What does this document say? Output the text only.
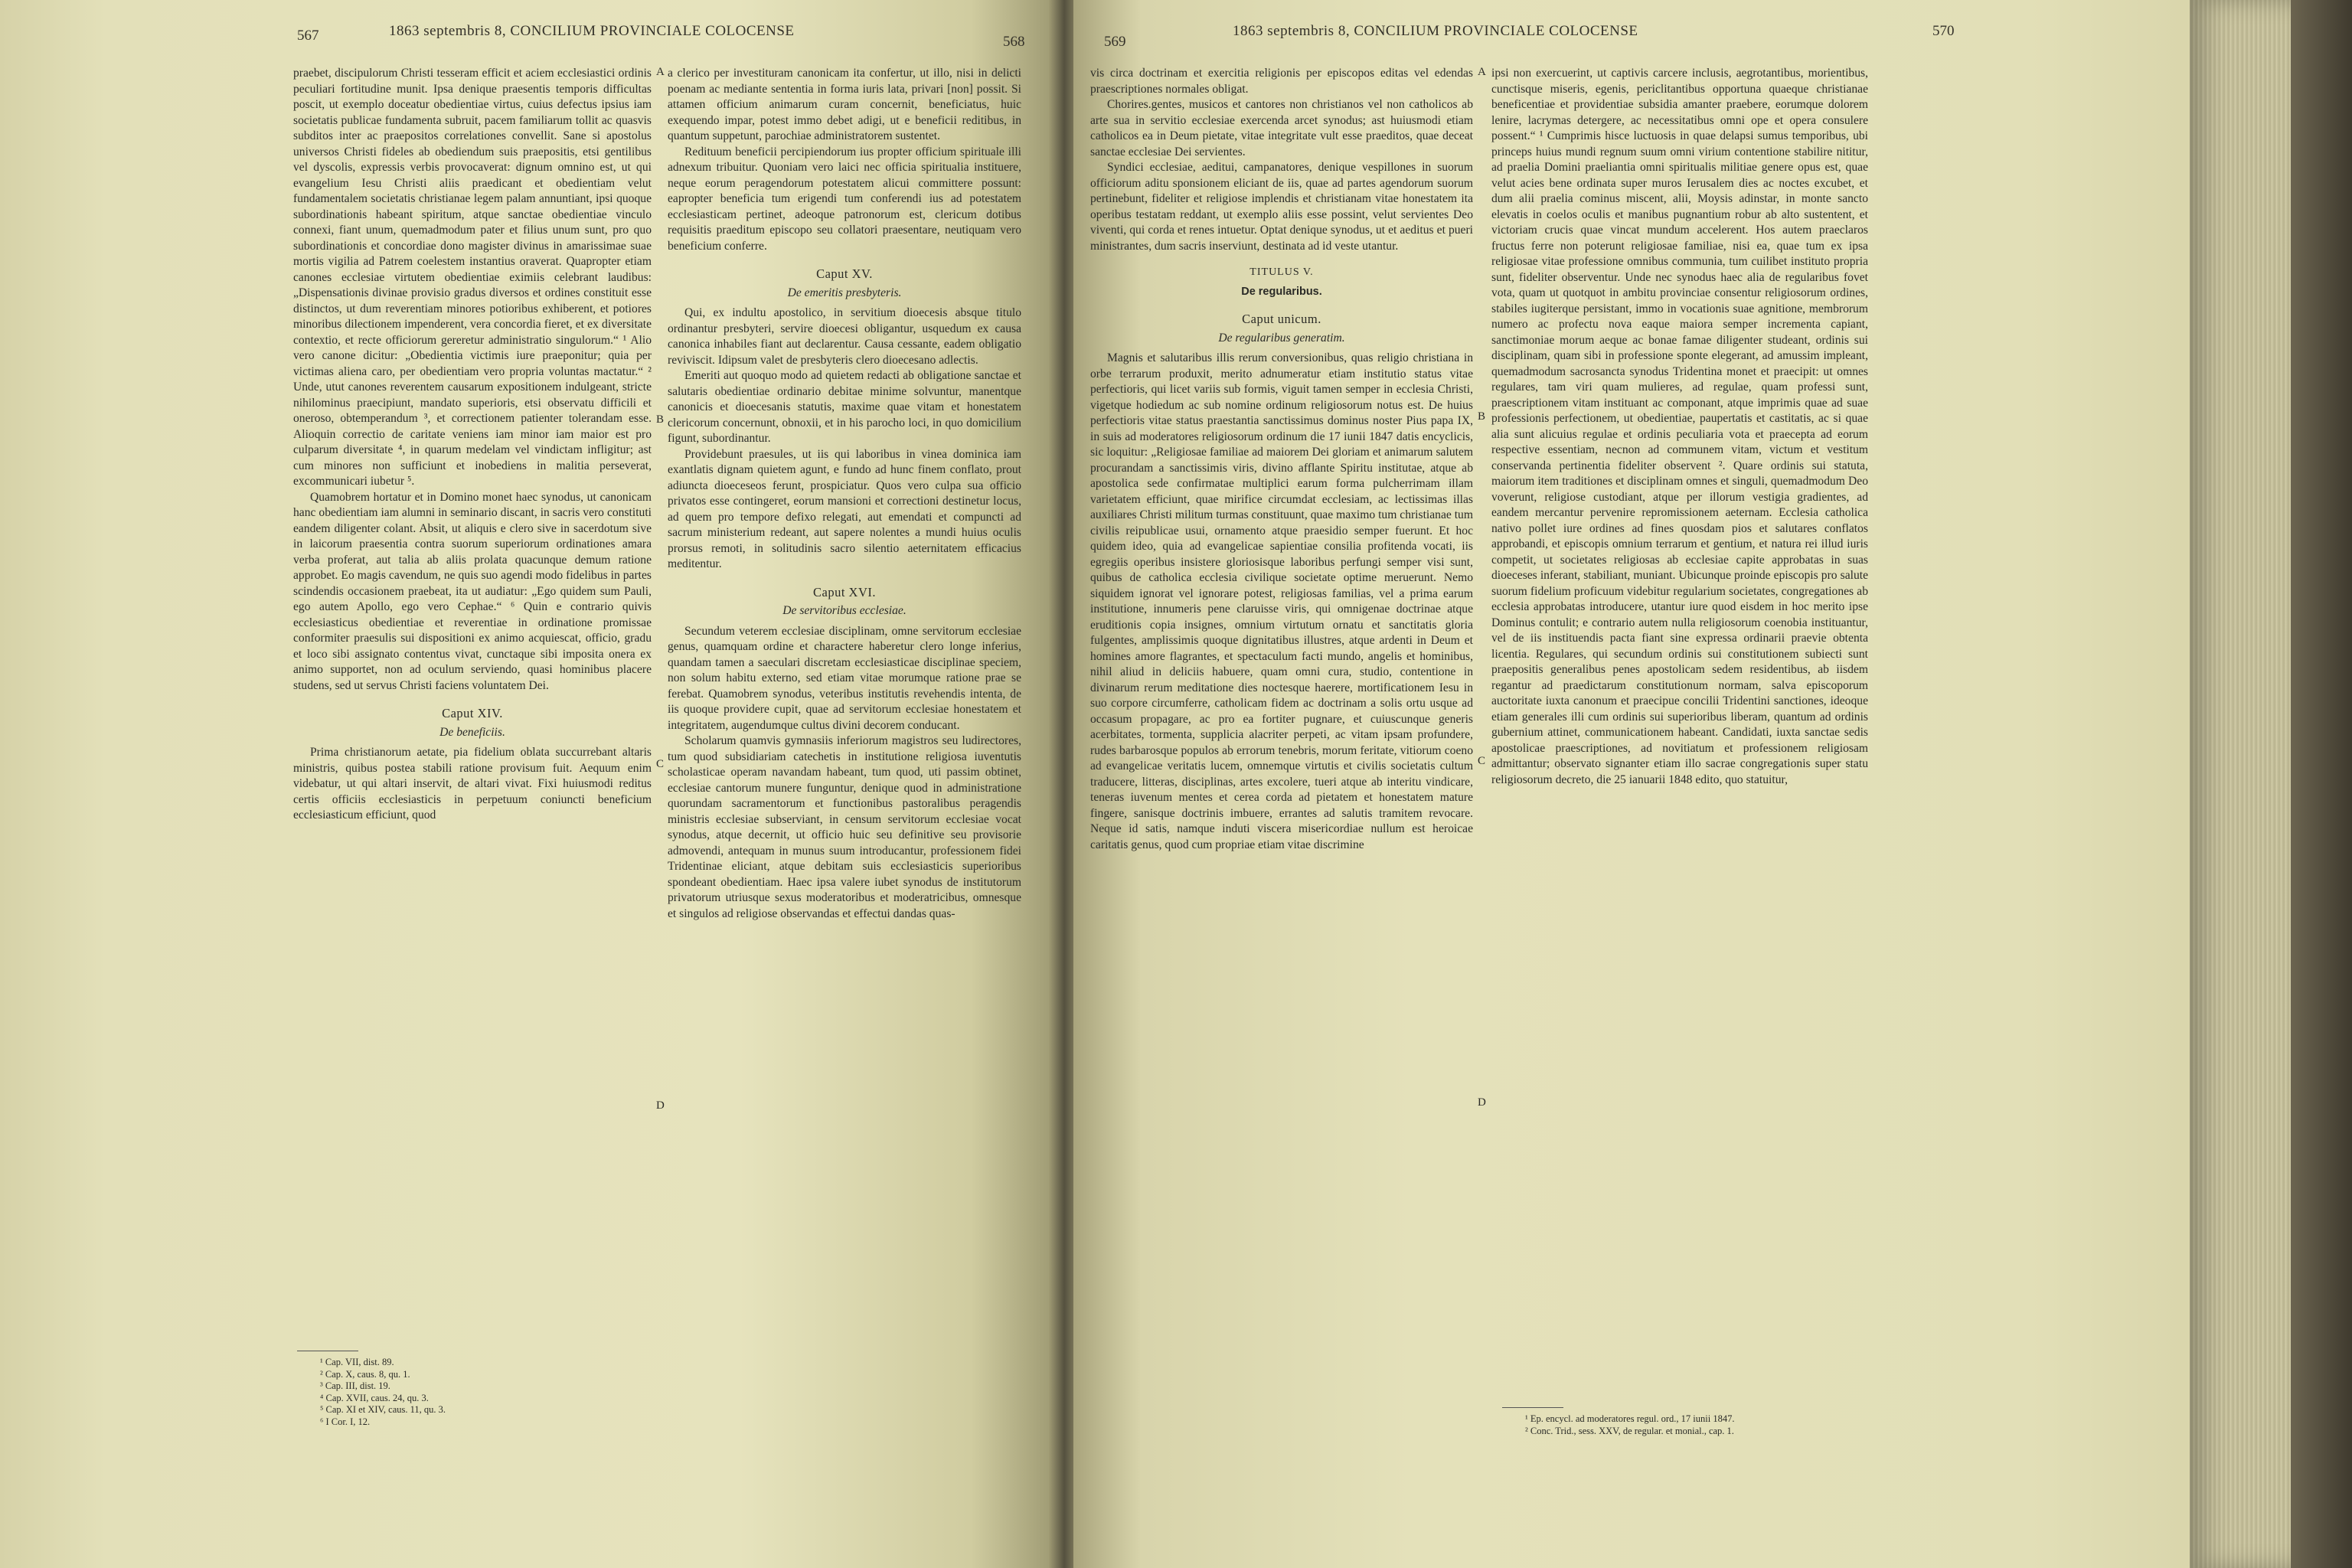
567	1863 septembris 8, CONCILIUM PROVINCIALE COLOCENSE
568

praebet, discipulorum Christi tesseram efficit et aciem ecclesiastici ordinis peculiari fortitudine munit. Ipsa denique praesentis temporis difficultas poscit, ut exemplo doceatur obedientiae virtus, cuius defectus ipsius iam societatis publicae fundamenta subruit, pacem familiarum tollit ac quasvis subditos inter ac praepositos correlationes convellit. Sane si apostolus universos Christi fideles ab obediendum suis praepositis, etsi gentilibus vel dyscolis, expressis verbis provocaverat: dignum omnino est, ut qui evangelium Iesu Christi aliis praedicant et obedientiam velut fundamentalem societatis christianae legem palam annuntiant, ipsi quoque subordinationis habeant spiritum, atque sanctae obedientiae vinculo connexi, fiant unum, quemadmodum pater et filius unum sunt, pro quo subordinationis et concordiae dono magister divinus in amarissimae suae mortis vigilia ad Patrem coelestem instantius oraverat. Quapropter etiam canones ecclesiae virtutem obedientiae eximiis celebrant laudibus: „Dispensationis divinae provisio gradus diversos et ordines constituit esse distinctos, ut dum reverentiam minores potioribus exhiberent, et potiores minoribus dilectionem impenderent, vera concordia fieret, et ex diversitate contextio, et recte officiorum gereretur administratio singulorum.“ ¹ Alio vero canone dicitur: „Obedientia victimis iure praeponitur; quia per victimas aliena caro, per obedientiam vero propria voluntas mactatur.“ ² Unde, utut canones reverentem causarum expositionem indulgeant, stricte nihilominus praecipiunt, mandato superioris, etsi observatu difficili et oneroso, obtemperandum ³, et correctionem patienter tolerandam esse. Alioquin correctio de caritate veniens iam minor iam maior est pro culparum diversitate ⁴, in quarum medelam vel vindictam infligitur; ast cum minores non sufficiunt et inobediens in malitia perseverat, excommunicari iubetur ⁵.

Quamobrem hortatur et in Domino monet haec synodus, ut canonicam hanc obedientiam iam alumni in seminario discant, in sacris vero constituti eandem diligenter colant. Absit, ut aliquis e clero sive in sacerdotum sive in laicorum praesentia contra suorum superiorum ordinationes amara verba proferat, aut talia ab aliis prolata quacunque demum ratione approbet. Eo magis cavendum, ne quis suo agendi modo fidelibus in partes scindendis occasionem praebeat, ita ut audiatur: „Ego quidem sum Pauli, ego autem Apollo, ego vero Cephae.“ ⁶ Quin e contrario quivis ecclesiasticus obedientiae et reverentiae in ordinatione promissae conformiter praesulis sui dispositioni ex animo acquiescat, officio, gradu et loco sibi assignato contentus vivat, cunctaque sibi imposita onera ex animo supportet, non ad oculum serviendo, quasi hominibus placere studens, sed ut servus Christi faciens voluntatem Dei.

Caput XIV.

De beneficiis.

Prima christianorum aetate, pia fidelium oblata succurrebant altaris ministris, quibus postea stabili ratione provisum fuit. Aequum enim videbatur, ut qui altari inservit, de altari vivat. Fixi huiusmodi reditus certis officiis ecclesiasticis in perpetuum coniuncti beneficium ecclesiasticum efficiunt, quod

¹ Cap. VII, dist. 89.
² Cap. X, caus. 8, qu. 1.
³ Cap. III, dist. 19.
⁴ Cap. XVII, caus. 24, qu. 3.
⁵ Cap. XI et XIV, caus. 11, qu. 3.
⁶ I Cor. I, 12.
A
B
C
D

a clerico per investituram canonicam ita confertur, ut illo, nisi in delicti poenam ac mediante sententia in forma iuris lata, privari [non] possit. Si attamen officium animarum curam concernit, beneficiatus, huic exequendo impar, potest immo debet adigi, ut e beneficii reditibus, in quantum suppetunt, parochiae administratorem sustentet.

Redituum beneficii percipiendorum ius propter officium spirituale illi adnexum tribuitur. Quoniam vero laici nec officia spiritualia instituere, neque eorum peragendorum potestatem alicui committere possunt: eapropter beneficia tum erigendi tum conferendi ius ad potestatem ecclesiasticam pertinet, adeoque patronorum est, clericum dotibus requisitis praeditum episcopo seu collatori praesentare, neutiquam vero beneficium conferre.

Caput XV.

De emeritis presbyteris.

Qui, ex indultu apostolico, in servitium dioecesis absque titulo ordinantur presbyteri, servire dioecesi obligantur, usquedum ex causa canonica inhabiles fiant aut declarentur. Causa cessante, eadem obligatio reviviscit. Idipsum valet de presbyteris clero dioecesano adlectis.

Emeriti aut quoquo modo ad quietem redacti ab obligatione sanctae et salutaris obedientiae ordinario debitae minime solvuntur, manentque canonicis et dioecesanis statutis, maxime quae vitam et honestatem clericorum concernunt, obnoxii, et in his parocho loci, in quo domicilium figunt, subordinantur.

Providebunt praesules, ut iis qui laboribus in vinea dominica iam exantlatis dignam quietem agunt, e fundo ad hunc finem conflato, prout adiuncta dioeceseos ferunt, prospiciatur. Quos vero culpa sua officio privatos esse contingeret, eorum mansioni et correctioni destinetur locus, ad quem pro tempore defixo relegati, aut emendati et compuncti ad sacrum ministerium redeant, aut sapere nolentes a mundi huius oculis prorsus remoti, in solitudinis sacro silentio aeternitatem efficacius meditentur.

Caput XVI.

De servitoribus ecclesiae.

Secundum veterem ecclesiae disciplinam, omne servitorum ecclesiae genus, quamquam ordine et charactere haberetur clero longe inferius, quandam tamen a saeculari discretam ecclesiasticae disciplinae speciem, non solum habitu externo, sed etiam vitae morumque ratione prae se ferebat. Quamobrem synodus, veteribus institutis revehendis intenta, de iis quoque providere cupit, quae ad servitorum ecclesiae honestatem et integritatem, augendumque cultus divini decorem conducant.

Scholarum quamvis gymnasiis inferiorum magistros seu ludirectores, tum quod subsidiariam catechetis in institutione religiosa iuventutis scholasticae operam navandam habeant, tum quod, uti passim obtinet, ecclesiae cantorum munere funguntur, denique quod in administratione quorundam sacramentorum et functionibus pastoralibus peragendis ministris ecclesiae subserviant, in censum servitorum ecclesiae vocat synodus, atque decernit, ut officio huic seu definitive seu provisorie admovendi, antequam in munus suum introducantur, professionem fidei Tridentinae eliciant, atque debitam suis ecclesiasticis superioribus spondeant obedientiam. Haec ipsa valere iubet synodus de institutorum privatorum utriusque sexus moderatoribus et moderatricibus, omnesque et singulos ad religiose observandas et effectui dandas quas-

569
1863 septembris 8, CONCILIUM PROVINCIALE COLOCENSE	570

vis circa doctrinam et exercitia religionis per episcopos editas vel edendas praescriptiones normales obligat.

Chorires.gentes, musicos et cantores non christianos vel non catholicos ab arte sua in servitio ecclesiae exercenda arcet synodus; ast huiusmodi etiam catholicos ea in Deum pietate, vitae integritate vult esse praeditos, quae deceat sanctae ecclesiae Dei servientes.

Syndici ecclesiae, aeditui, campanatores, denique vespillones in suorum officiorum aditu sponsionem eliciant de iis, quae ad partes agendorum suorum pertinebunt, fideliter et religiose implendis et christianam vitae honestatem ita operibus testatam reddant, ut exemplo aliis esse possint, velut servientes Deo viventi, qui corda et renes intuetur. Optat denique synodus, ut et aeditus et pueri ministrantes, dum sacris inserviunt, destinata ad id veste utantur.

TITULUS V.

De regularibus.

Caput unicum.

De regularibus generatim.

Magnis et salutaribus illis rerum conversionibus, quas religio christiana in orbe terrarum produxit, merito adnumeratur etiam institutio status vitae perfectioris, qui licet variis sub formis, viguit tamen semper in ecclesia Christi, vigetque hodiedum ac sub nomine ordinum religiosorum notus est. De huius perfectioris vitae status praestantia sanctissimus dominus noster Pius papa IX, in suis ad moderatores religiosorum ordinum die 17 iunii 1847 datis encyclicis, sic loquitur: „Religiosae familiae ad maiorem Dei gloriam et animarum salutem procurandam a sanctissimis viris, divino afflante Spiritu institutae, atque ab apostolica sede confirmatae multiplici earum forma pulcherrimam illam varietatem efficiunt, quae mirifice circumdat ecclesiam, ac lectissimas illas auxiliares Christi militum turmas constituunt, quae maximo tum christianae tum civilis reipublicae usui, ornamento atque praesidio semper fuerunt. Et hoc quidem ideo, quia ad evangelicae sapientiae consilia profitenda vocati, iis egregiis operibus insistere gloriosisque laboribus perfungi semper visi sunt, quibus de catholica ecclesia civilique societate optime meruerunt. Nemo siquidem ignorat vel ignorare potest, religiosas familias, vel a prima earum institutione, innumeris pene claruisse viris, qui omnigenae doctrinae atque eruditionis copia insignes, omnium virtutum ornatu et sanctitatis gloria fulgentes, amplissimis quoque dignitatibus illustres, atque ardenti in Deum et homines amore flagrantes, et spectaculum facti mundo, angelis et hominibus, nihil aliud in deliciis habuere, quam omni cura, studio, contentione in divinarum rerum meditatione dies noctesque haerere, mortificationem Iesu in suo corpore circumferre, catholicam fidem ac doctrinam a solis ortu usque ad occasum propagare, ac pro ea fortiter pugnare, et cuiuscunque generis acerbitates, tormenta, supplicia alacriter perpeti, ac vitam ipsam profundere, rudes barbarosque populos ab errorum tenebris, morum feritate, vitiorum coeno ad evangelicae veritatis lucem, omnemque virtutis et civilis societatis cultum traducere, litteras, disciplinas, artes excolere, tueri atque ab interitu vindicare, teneras iuvenum mentes et cerea corda ad pietatem et honestatem mature fingere, sanisque doctrinis imbuere, errantes ad salutis tramitem revocare. Neque id satis, namque induti viscera misericordiae nullum est heroicae caritatis genus, quod cum propriae etiam vitae discrimine

A
B
C
D

ipsi non exercuerint, ut captivis carcere inclusis, aegrotantibus, morientibus, cunctisque miseris, egenis, periclitantibus opportuna quaeque christianae beneficentiae et providentiae subsidia amanter praebere, eorumque dolorem lenire, lacrymas detergere, ac necessitatibus omni ope et opera consulere possent.“ ¹ Cumprimis hisce luctuosis in quae delapsi sumus temporibus, ubi princeps huius mundi regnum suum omni virium contentione stabilire nititur, ad praelia Domini praeliantia omni spiritualis militiae genere opus est, quae velut acies bene ordinata super muros Ierusalem dies ac noctes excubet, et dum alii praelia cominus miscent, alii, Moysis adinstar, in monte sancto elevatis in coelos oculis et manibus pugnantium robur ab alto sustentent, et victoriam crucis quae vincat mundum accelerent. Hos autem praeclaros fructus ferre non poterunt religiosae familiae, nisi ea, quae tum ex ipsa religiosae vitae professione omnibus communia, tum cuilibet instituto propria sunt, fideliter observentur. Unde nec synodus haec alia de regularibus fovet vota, quam ut quotquot in ambitu provinciae consentur religiosorum ordines, stabiles iugiterque persistant, immo in vocationis suae agnitione, membrorum numero ac profectu nova eaque maiora semper incrementa capiant, sanctimoniae morum aeque ac bonae famae diligenter studeant, ordinis sui disciplinam, quam sibi in professione sponte elegerant, ad amussim impleant, quemadmodum sacrosancta synodus Tridentina monet et praecipit: ut omnes regulares, tam viri quam mulieres, ad regulae, quam professi sunt, praescriptionem vitam instituant ac componant, atque imprimis quae ad suae professionis perfectionem, ut obedientiae, paupertatis et castitatis, ac si quae alia sunt alicuius regulae et ordinis peculiaria vota et praecepta ad eorum respective essentiam, necnon ad communem vitam, victum et vestitum conservanda pertinentia fideliter observent ². Quare ordinis sui statuta, maiorum item traditiones et disciplinam omnes et singuli, quemadmodum Deo voverunt, religiose custodiant, atque per illorum vestigia gradientes, ad eandem mercantur pervenire repromissionem aeternam. Ecclesia catholica nativo pollet iure ordines ad fines quosdam pios et salutares conflatos approbandi, et episcopis omnium terrarum et gentium, et natura rei illud iuris competit, ut societates religiosas ab ecclesiae capite approbatas in suas dioeceses inferant, stabiliant, muniant. Ubicunque proinde episcopis pro salute suorum fidelium proficuum videbitur regularium societates, congregationes ab ecclesia approbatas introducere, utantur iure quod eisdem in hoc merito ipse Dominus contulit; e contrario autem nulla religiosorum coenobia instituantur, vel de iis instituendis pacta fiant sine expressa ordinarii praevie obtenta licentia. Regulares, qui secundum ordinis sui constitutionem subiecti sunt praepositis generalibus penes apostolicam sedem residentibus, ab iisdem regantur ad praedictarum constitutionum normam, salva episcoporum auctoritate iuxta canonum et praecipue concilii Tridentini sanctiones, ideoque etiam generales illi cum ordinis sui superioribus liberam, quantum ad ordinis gubernium attinet, communicationem habeant. Candidati, iuxta sanctae sedis apostolicae praescriptiones, ad novitiatum et professionem religiosam admittantur; observato signanter etiam illo sacrae congregationis super statu religiosorum decreto, die 25 ianuarii 1848 edito, quo statuitur,

¹ Ep. encycl. ad moderatores regul. ord., 17 iunii 1847.
² Conc. Trid., sess. XXV, de regular. et monial., cap. 1.
